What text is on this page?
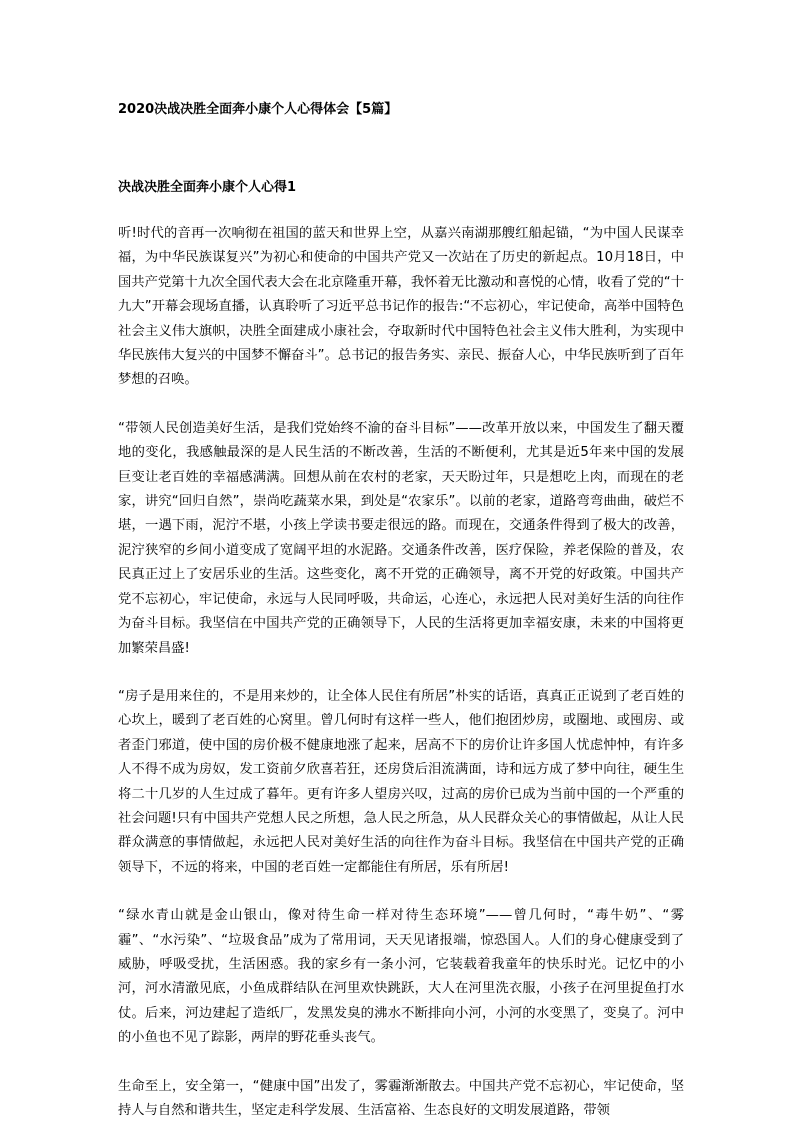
2020决战决胜全面奔小康个人心得体会【5篇】
决战决胜全面奔小康个人心得1

听!时代的音再一次响彻在祖国的蓝天和世界上空，从嘉兴南湖那艘红船起锚，“为中国人民谋幸福，为中华民族谋复兴”为初心和使命的中国共产党又一次站在了历史的新起点。10月18日，中国共产党第十九次全国代表大会在北京隆重开幕，我怀着无比激动和喜悦的心情，收看了党的“十九大”开幕会现场直播，认真聆听了习近平总书记作的报告:“不忘初心，牢记使命，高举中国特色社会主义伟大旗帜，决胜全面建成小康社会，夺取新时代中国特色社会主义伟大胜利，为实现中华民族伟大复兴的中国梦不懈奋斗”。总书记的报告务实、亲民、振奋人心，中华民族听到了百年梦想的召唤。

“带领人民创造美好生活，是我们党始终不渝的奋斗目标”——改革开放以来，中国发生了翻天覆地的变化，我感触最深的是人民生活的不断改善，生活的不断便利，尤其是近5年来中国的发展巨变让老百姓的幸福感满满。回想从前在农村的老家，天天盼过年，只是想吃上肉，而现在的老家，讲究“回归自然”，崇尚吃蔬菜水果，到处是“农家乐”。以前的老家，道路弯弯曲曲，破烂不堪，一遇下雨，泥泞不堪，小孩上学读书要走很远的路。而现在，交通条件得到了极大的改善，泥泞狭窄的乡间小道变成了宽阔平坦的水泥路。交通条件改善，医疗保险，养老保险的普及，农民真正过上了安居乐业的生活。这些变化，离不开党的正确领导，离不开党的好政策。中国共产党不忘初心，牢记使命，永远与人民同呼吸，共命运，心连心，永远把人民对美好生活的向往作为奋斗目标。我坚信在中国共产党的正确领导下，人民的生活将更加幸福安康，未来的中国将更加繁荣昌盛!

“房子是用来住的，不是用来炒的，让全体人民住有所居”朴实的话语，真真正正说到了老百姓的心坎上，暖到了老百姓的心窝里。曾几何时有这样一些人，他们抱团炒房，或圈地、或囤房、或者歪门邪道，使中国的房价极不健康地涨了起来，居高不下的房价让许多国人忧虑忡忡，有许多人不得不成为房奴，发工资前夕欣喜若狂，还房贷后泪流满面，诗和远方成了梦中向往，硬生生将二十几岁的人生过成了暮年。更有许多人望房兴叹，过高的房价已成为当前中国的一个严重的社会问题!只有中国共产党想人民之所想，急人民之所急，从人民群众关心的事情做起，从让人民群众满意的事情做起，永远把人民对美好生活的向往作为奋斗目标。我坚信在中国共产党的正确领导下，不远的将来，中国的老百姓一定都能住有所居，乐有所居!

“绿水青山就是金山银山，像对待生命一样对待生态环境”——曾几何时，“毒牛奶”、“雾霾”、“水污染”、“垃圾食品”成为了常用词，天天见诸报端，惊恐国人。人们的身心健康受到了威胁，呼吸受扰，生活困惑。我的家乡有一条小河，它装载着我童年的快乐时光。记忆中的小河，河水清澈见底，小鱼成群结队在河里欢快跳跃，大人在河里洗衣服，小孩子在河里捉鱼打水仗。后来，河边建起了造纸厂，发黑发臭的沸水不断排向小河，小河的水变黑了，变臭了。河中的小鱼也不见了踪影，两岸的野花垂头丧气。

生命至上，安全第一，“健康中国”出发了，雾霾渐渐散去。中国共产党不忘初心，牢记使命，坚持人与自然和谐共生，坚定走科学发展、生活富裕、生态良好的文明发展道路，带领
